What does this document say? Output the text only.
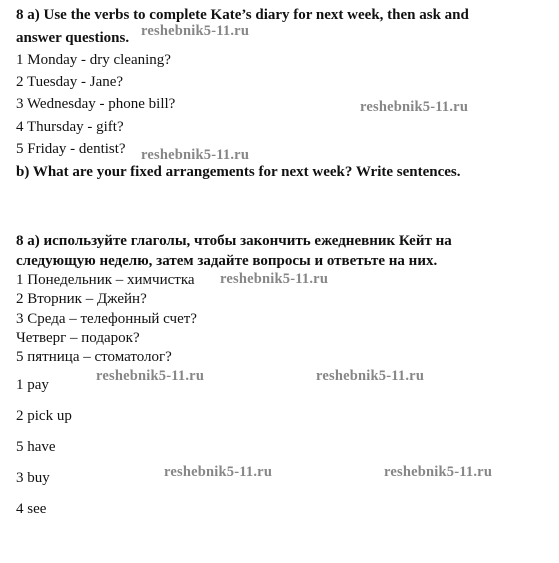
8 a) Use the verbs to complete Kate’s diary for next week, then ask and
answer questions.
1 Monday - dry cleaning?
2 Tuesday - Jane?
3 Wednesday - phone bill?
4 Thursday - gift?
5 Friday - dentist?
b) What are your fixed arrangements for next week? Write sentences.
8 а) используйте глаголы, чтобы закончить ежедневник Кейт на
следующую неделю, затем задайте вопросы и ответьте на них.
1 Понедельник – химчистка
2 Вторник – Джейн?
3 Среда – телефонный счет?
Четверг – подарок?
5 пятница – стоматолог?
1 pay
2 pick up
5 have
3 buy
4 see
reshebnik5-11.ru
reshebnik5-11.ru
reshebnik5-11.ru
reshebnik5-11.ru
reshebnik5-11.ru	reshebnik5-11.ru
reshebnik5-11.ru	reshebnik5-11.ru
